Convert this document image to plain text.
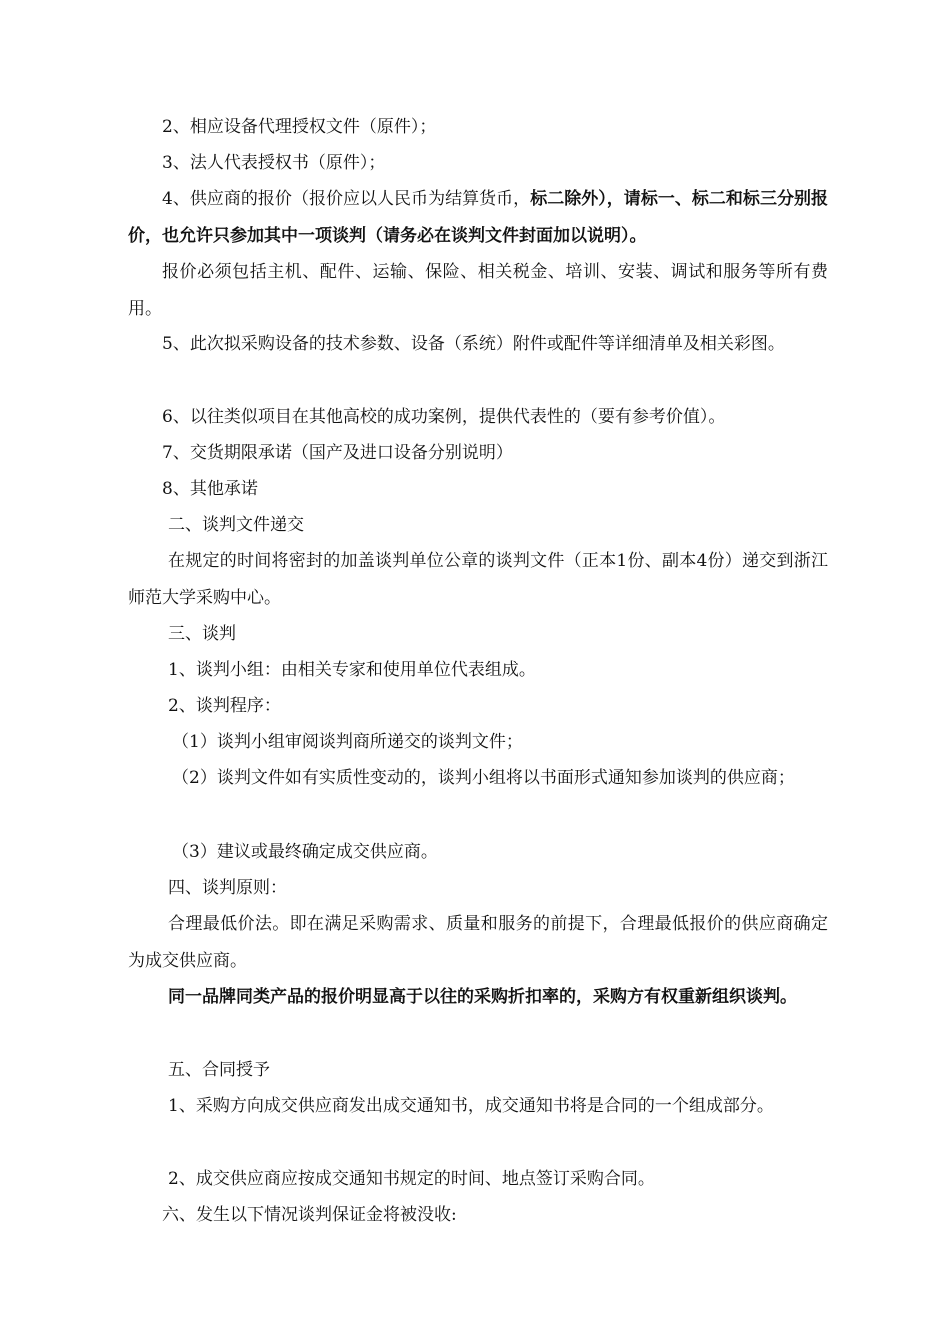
2、相应设备代理授权文件（原件）；

3、法人代表授权书（原件）；

4、供应商的报价（报价应以人民币为结算货币，标二除外），请标一、标二和标三分别报价，也允许只参加其中一项谈判（请务必在谈判文件封面加以说明）。

报价必须包括主机、配件、运输、保险、相关税金、培训、安装、调试和服务等所有费用。

5、此次拟采购设备的技术参数、设备（系统）附件或配件等详细清单及相关彩图。

6、以往类似项目在其他高校的成功案例，提供代表性的（要有参考价值）。

7、交货期限承诺（国产及进口设备分别说明）

8、其他承诺

二、谈判文件递交

在规定的时间将密封的加盖谈判单位公章的谈判文件（正本1份、副本4份）递交到浙江师范大学采购中心。

三、谈判

1、谈判小组：由相关专家和使用单位代表组成。

2、谈判程序：

（1）谈判小组审阅谈判商所递交的谈判文件；

（2）谈判文件如有实质性变动的，谈判小组将以书面形式通知参加谈判的供应商；

（3）建议或最终确定成交供应商。

四、谈判原则：

合理最低价法。即在满足采购需求、质量和服务的前提下，合理最低报价的供应商确定为成交供应商。

同一品牌同类产品的报价明显高于以往的采购折扣率的，采购方有权重新组织谈判。

五、合同授予

1、采购方向成交供应商发出成交通知书，成交通知书将是合同的一个组成部分。

2、成交供应商应按成交通知书规定的时间、地点签订采购合同。

六、发生以下情况谈判保证金将被没收:
